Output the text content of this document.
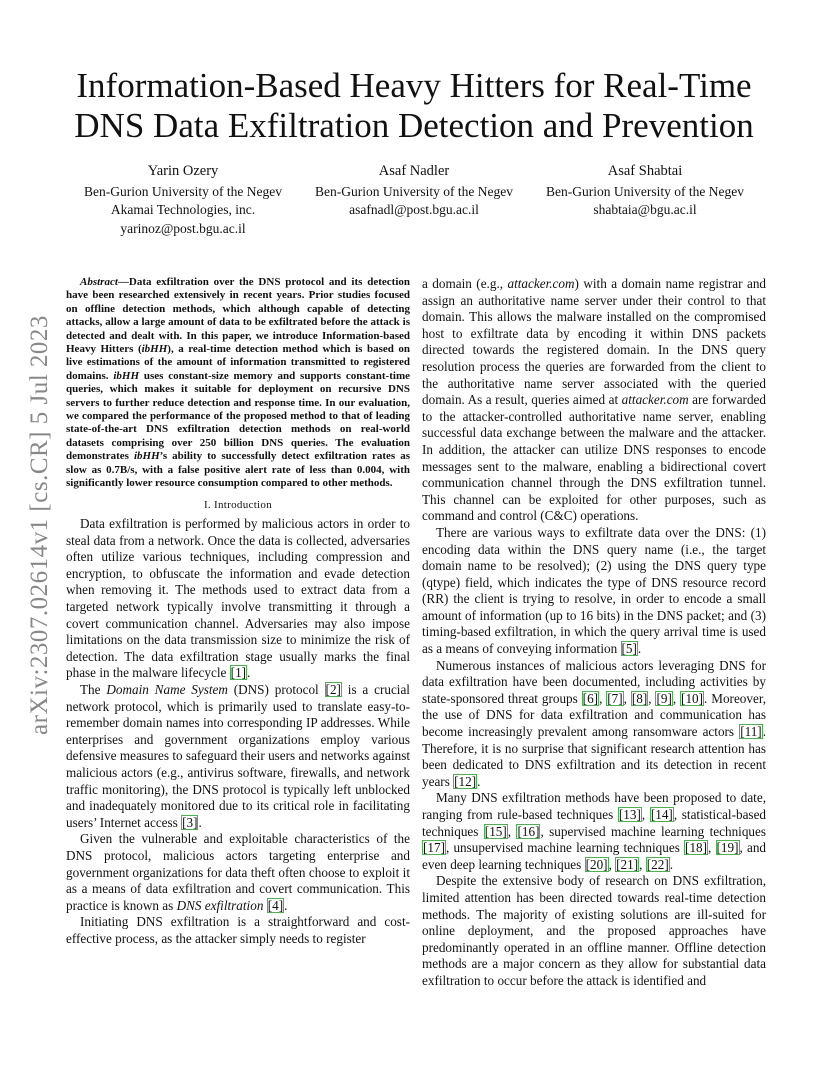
arXiv:2307.02614v1 [cs.CR] 5 Jul 2023
Information-Based Heavy Hitters for Real-Time DNS Data Exfiltration Detection and Prevention
Yarin Ozery
Ben-Gurion University of the Negev
Akamai Technologies, inc.
yarinoz@post.bgu.ac.il
Asaf Nadler
Ben-Gurion University of the Negev
asafnadl@post.bgu.ac.il
Asaf Shabtai
Ben-Gurion University of the Negev
shabtaia@bgu.ac.il

Abstract—Data exfiltration over the DNS protocol and its detection have been researched extensively in recent years. Prior studies focused on offline detection methods, which although capable of detecting attacks, allow a large amount of data to be exfiltrated before the attack is detected and dealt with. In this paper, we introduce Information-based Heavy Hitters (ibHH), a real-time detection method which is based on live estimations of the amount of information transmitted to registered domains. ibHH uses constant-size memory and supports constant-time queries, which makes it suitable for deployment on recursive DNS servers to further reduce detection and response time. In our evaluation, we compared the performance of the proposed method to that of leading state-of-the-art DNS exfiltration detection methods on real-world datasets comprising over 250 billion DNS queries. The evaluation demonstrates ibHH’s ability to successfully detect exfiltration rates as slow as 0.7B/s, with a false positive alert rate of less than 0.004, with significantly lower resource consumption compared to other methods.

I. Introduction

Data exfiltration is performed by malicious actors in order to steal data from a network. Once the data is collected, adversaries often utilize various techniques, including compression and encryption, to obfuscate the information and evade detection when removing it. The methods used to extract data from a targeted network typically involve transmitting it through a covert communication channel. Adversaries may also impose limitations on the data transmission size to minimize the risk of detection. The data exfiltration stage usually marks the final phase in the malware lifecycle [1].

The Domain Name System (DNS) protocol [2] is a crucial network protocol, which is primarily used to translate easy-to-remember domain names into corresponding IP addresses. While enterprises and government organizations employ various defensive measures to safeguard their users and networks against malicious actors (e.g., antivirus software, firewalls, and network traffic monitoring), the DNS protocol is typically left unblocked and inadequately monitored due to its critical role in facilitating users’ Internet access [3].

Given the vulnerable and exploitable characteristics of the DNS protocol, malicious actors targeting enterprise and government organizations for data theft often choose to exploit it as a means of data exfiltration and covert communication. This practice is known as DNS exfiltration [4].

Initiating DNS exfiltration is a straightforward and cost-effective process, as the attacker simply needs to register

a domain (e.g., attacker.com) with a domain name registrar and assign an authoritative name server under their control to that domain. This allows the malware installed on the compromised host to exfiltrate data by encoding it within DNS packets directed towards the registered domain. In the DNS query resolution process the queries are forwarded from the client to the authoritative name server associated with the queried domain. As a result, queries aimed at attacker.com are forwarded to the attacker-controlled authoritative name server, enabling successful data exchange between the malware and the attacker. In addition, the attacker can utilize DNS responses to encode messages sent to the malware, enabling a bidirectional covert communication channel through the DNS exfiltration tunnel. This channel can be exploited for other purposes, such as command and control (C&C) operations.

There are various ways to exfiltrate data over the DNS: (1) encoding data within the DNS query name (i.e., the target domain name to be resolved); (2) using the DNS query type (qtype) field, which indicates the type of DNS resource record (RR) the client is trying to resolve, in order to encode a small amount of information (up to 16 bits) in the DNS packet; and (3) timing-based exfiltration, in which the query arrival time is used as a means of conveying information [5].

Numerous instances of malicious actors leveraging DNS for data exfiltration have been documented, including activities by state-sponsored threat groups [6], [7], [8], [9], [10]. Moreover, the use of DNS for data exfiltration and communication has become increasingly prevalent among ransomware actors [11]. Therefore, it is no surprise that significant research attention has been dedicated to DNS exfiltration and its detection in recent years [12].

Many DNS exfiltration methods have been proposed to date, ranging from rule-based techniques [13], [14], statistical-based techniques [15], [16], supervised machine learning techniques [17], unsupervised machine learning techniques [18], [19], and even deep learning techniques [20], [21], [22].

Despite the extensive body of research on DNS exfiltration, limited attention has been directed towards real-time detection methods. The majority of existing solutions are ill-suited for online deployment, and the proposed approaches have predominantly operated in an offline manner. Offline detection methods are a major concern as they allow for substantial data exfiltration to occur before the attack is identified and
